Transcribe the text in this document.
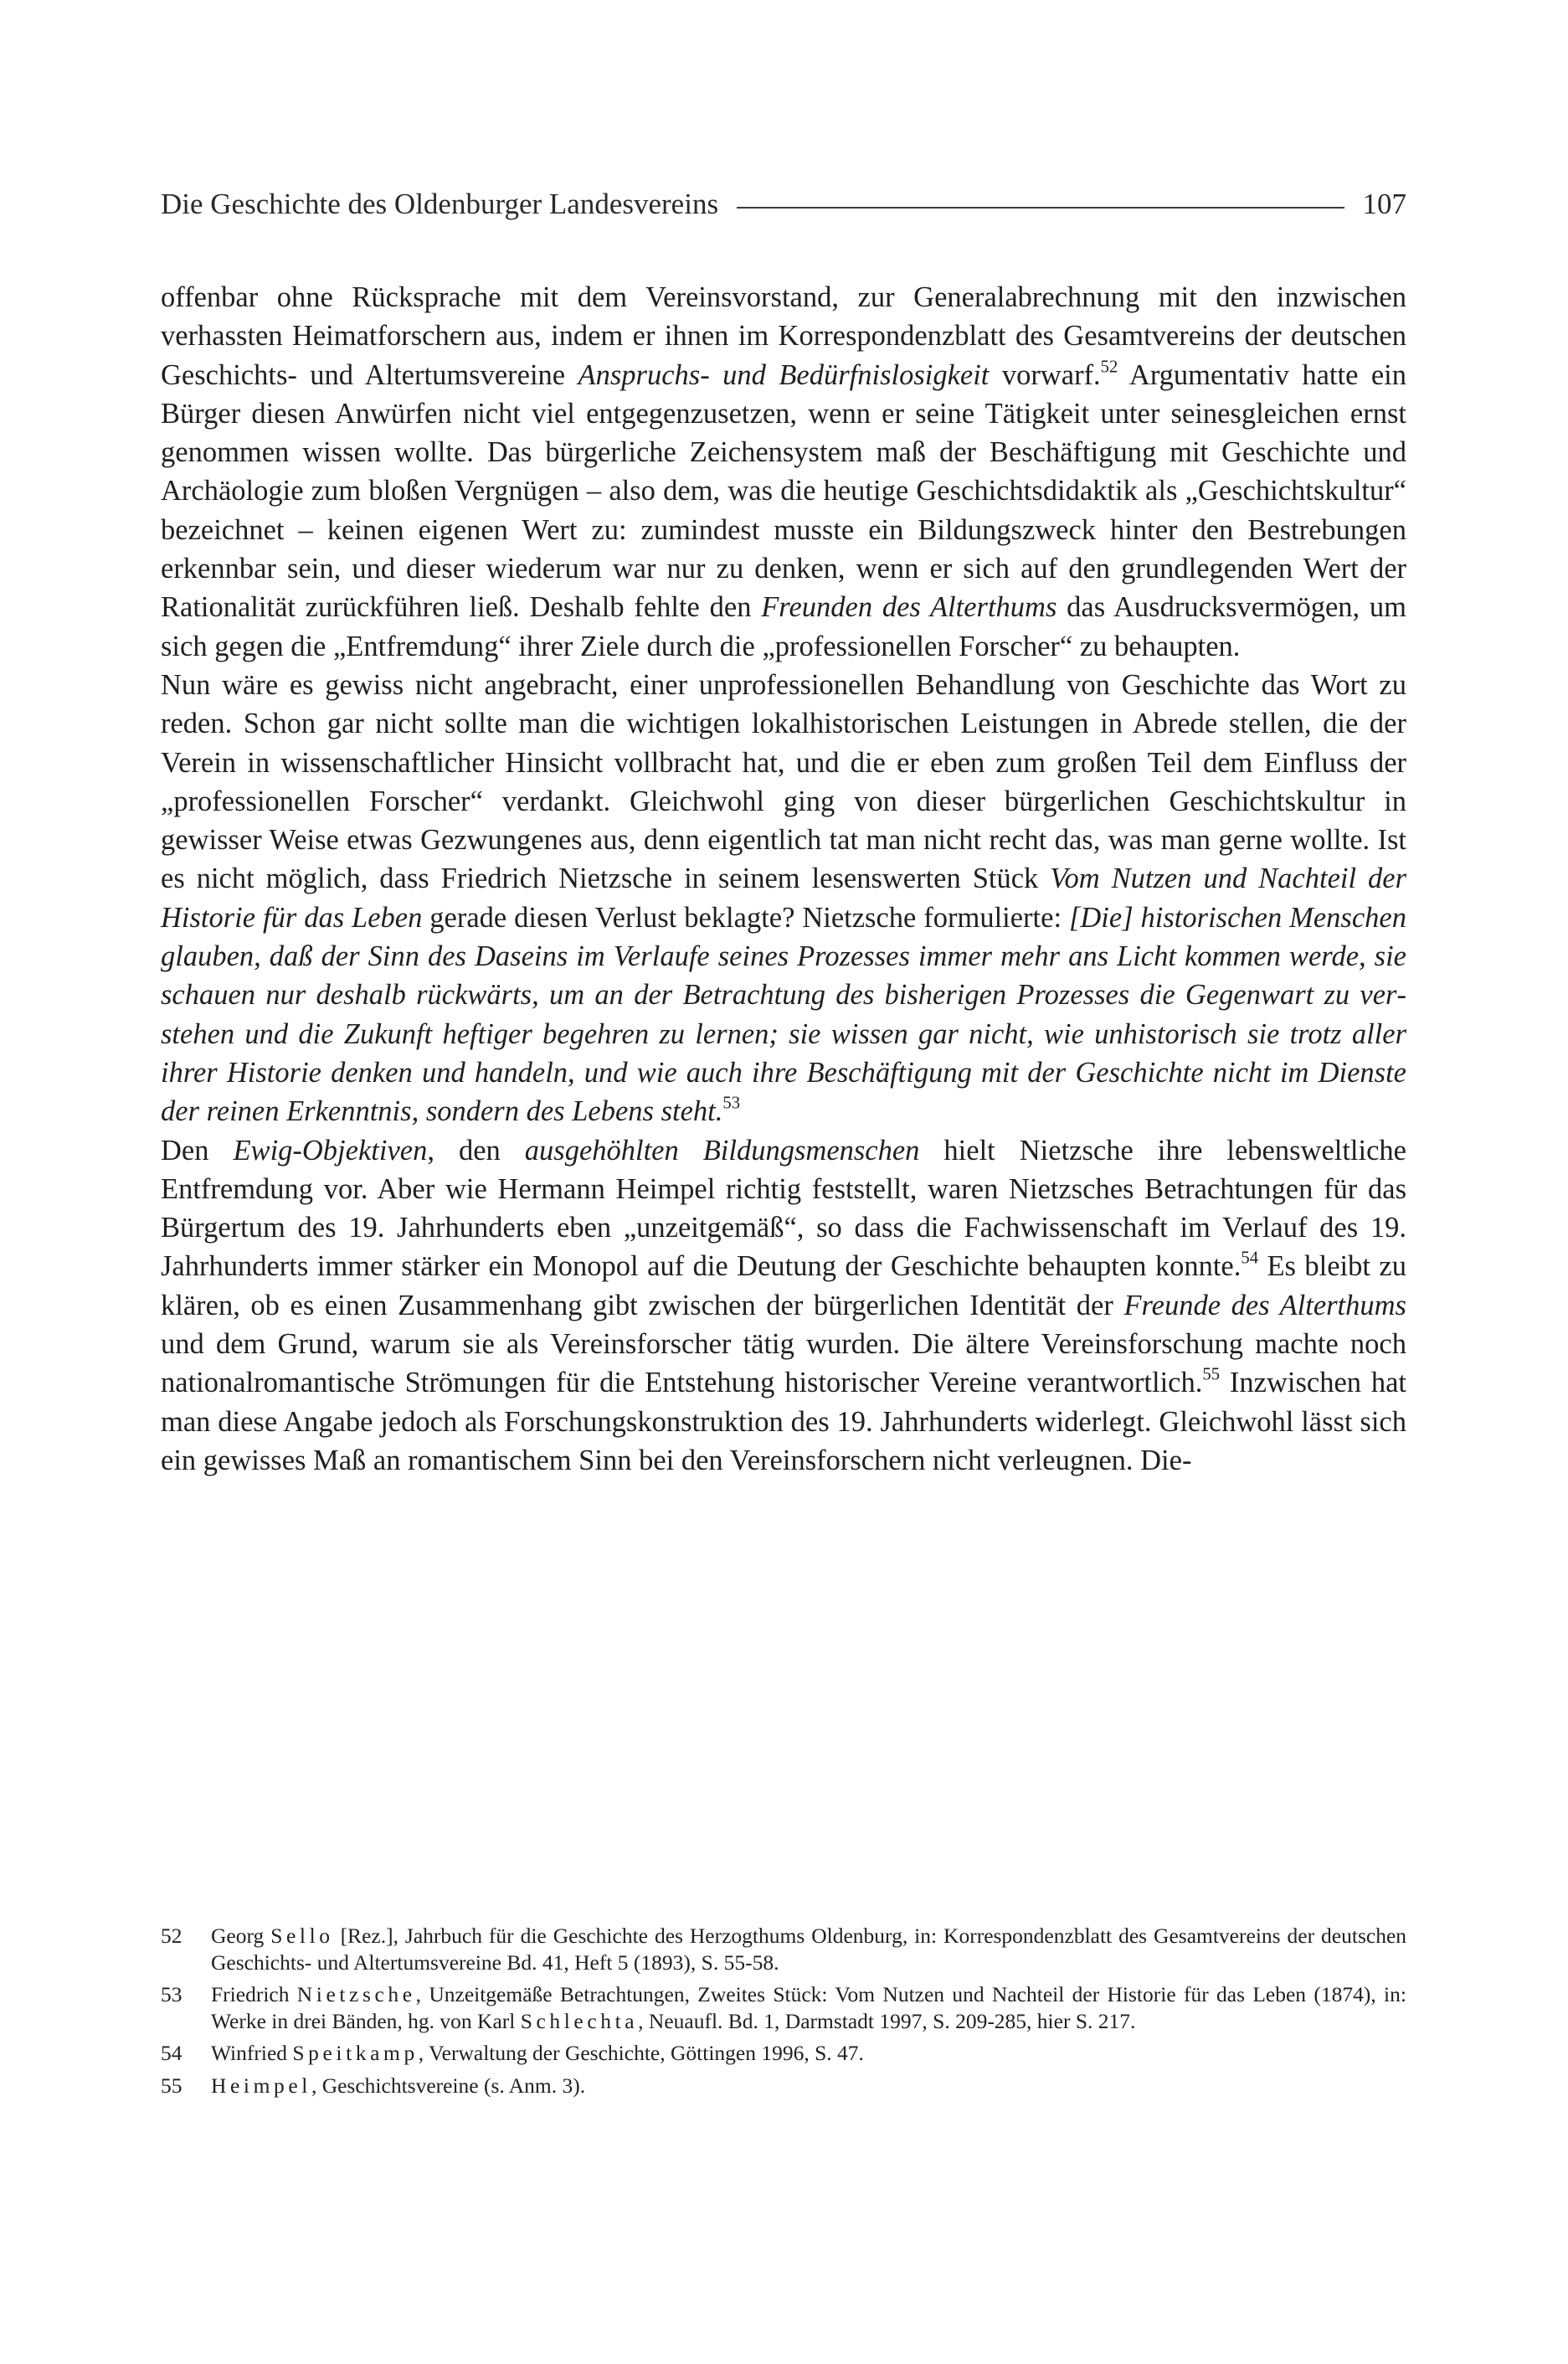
Die Geschichte des Oldenburger Landesvereins	107

offenbar ohne Rücksprache mit dem Vereinsvorstand, zur Generalabrechnung mit den inzwischen verhassten Heimatforschern aus, indem er ihnen im Korrespondenzblatt des Gesamtvereins der deutschen Geschichts- und Altertumsvereine Anspruchs- und Bedürfnislosigkeit vorwarf.$^{52}$ Argumentativ hatte ein Bürger diesen Anwürfen nicht viel entgegenzusetzen, wenn er seine Tätigkeit unter seinesgleichen ernst genommen wissen wollte. Das bürgerliche Zeichensystem maß der Beschäftigung mit Geschichte und Archäologie zum bloßen Vergnügen – also dem, was die heutige Geschichtsdidaktik als „Geschichtskultur“ bezeichnet – keinen eigenen Wert zu: zumindest musste ein Bildungszweck hinter den Bestrebungen erkennbar sein, und dieser wiederum war nur zu denken, wenn er sich auf den grundlegenden Wert der Rationalität zurückführen ließ. Deshalb fehlte den Freunden des Alterthums das Ausdrucksvermögen, um sich gegen die „Entfremdung“ ihrer Ziele durch die „professionellen Forscher“ zu behaupten.

Nun wäre es gewiss nicht angebracht, einer unprofessionellen Behandlung von Geschichte das Wort zu reden. Schon gar nicht sollte man die wichtigen lokalhistorischen Leistungen in Abrede stellen, die der Verein in wissenschaftlicher Hinsicht vollbracht hat, und die er eben zum großen Teil dem Einfluss der „professionellen Forscher“ verdankt. Gleichwohl ging von dieser bürgerlichen Geschichtskultur in gewisser Weise etwas Gezwungenes aus, denn eigentlich tat man nicht recht das, was man gerne wollte. Ist es nicht möglich, dass Friedrich Nietzsche in seinem lesenswerten Stück Vom Nutzen und Nachteil der Historie für das Leben gerade diesen Verlust beklagte? Nietzsche formulierte: [Die] historischen Menschen glauben, daß der Sinn des Daseins im Verlaufe seines Prozesses immer mehr ans Licht kommen werde, sie schauen nur deshalb rückwärts, um an der Betrachtung des bisherigen Prozesses die Gegenwart zu verstehen und die Zukunft heftiger begehren zu lernen; sie wissen gar nicht, wie unhistorisch sie trotz aller ihrer Historie denken und handeln, und wie auch ihre Beschäftigung mit der Geschichte nicht im Dienste der reinen Erkenntnis, sondern des Lebens steht.$^{53}$

Den Ewig-Objektiven, den ausgehöhlten Bildungsmenschen hielt Nietzsche ihre lebensweltliche Entfremdung vor. Aber wie Hermann Heimpel richtig feststellt, waren Nietzsches Betrachtungen für das Bürgertum des 19. Jahrhunderts eben „unzeitgemäß“, so dass die Fachwissenschaft im Verlauf des 19. Jahrhunderts immer stärker ein Monopol auf die Deutung der Geschichte behaupten konnte.$^{54}$ Es bleibt zu klären, ob es einen Zusammenhang gibt zwischen der bürgerlichen Identität der Freunde des Alterthums und dem Grund, warum sie als Vereinsforscher tätig wurden. Die ältere Vereinsforschung machte noch nationalromantische Strömungen für die Entstehung historischer Vereine verantwortlich.$^{55}$ Inzwischen hat man diese Angabe jedoch als Forschungskonstruktion des 19. Jahrhunderts widerlegt. Gleichwohl lässt sich ein gewisses Maß an romantischem Sinn bei den Vereinsforschern nicht verleugnen. Die-

52	Georg Sello [Rez.], Jahrbuch für die Geschichte des Herzogthums Oldenburg, in: Korrespondenzblatt des Gesamtvereins der deutschen Geschichts- und Altertumsvereine Bd. 41, Heft 5 (1893), S. 55-58.
53	Friedrich Nietzsche, Unzeitgemäße Betrachtungen, Zweites Stück: Vom Nutzen und Nachteil der Historie für das Leben (1874), in: Werke in drei Bänden, hg. von Karl Schlechta, Neuaufl. Bd. 1, Darmstadt 1997, S. 209-285, hier S. 217.
54	Winfried Speitkamp, Verwaltung der Geschichte, Göttingen 1996, S. 47.
55	Heimpel, Geschichtsvereine (s. Anm. 3).
